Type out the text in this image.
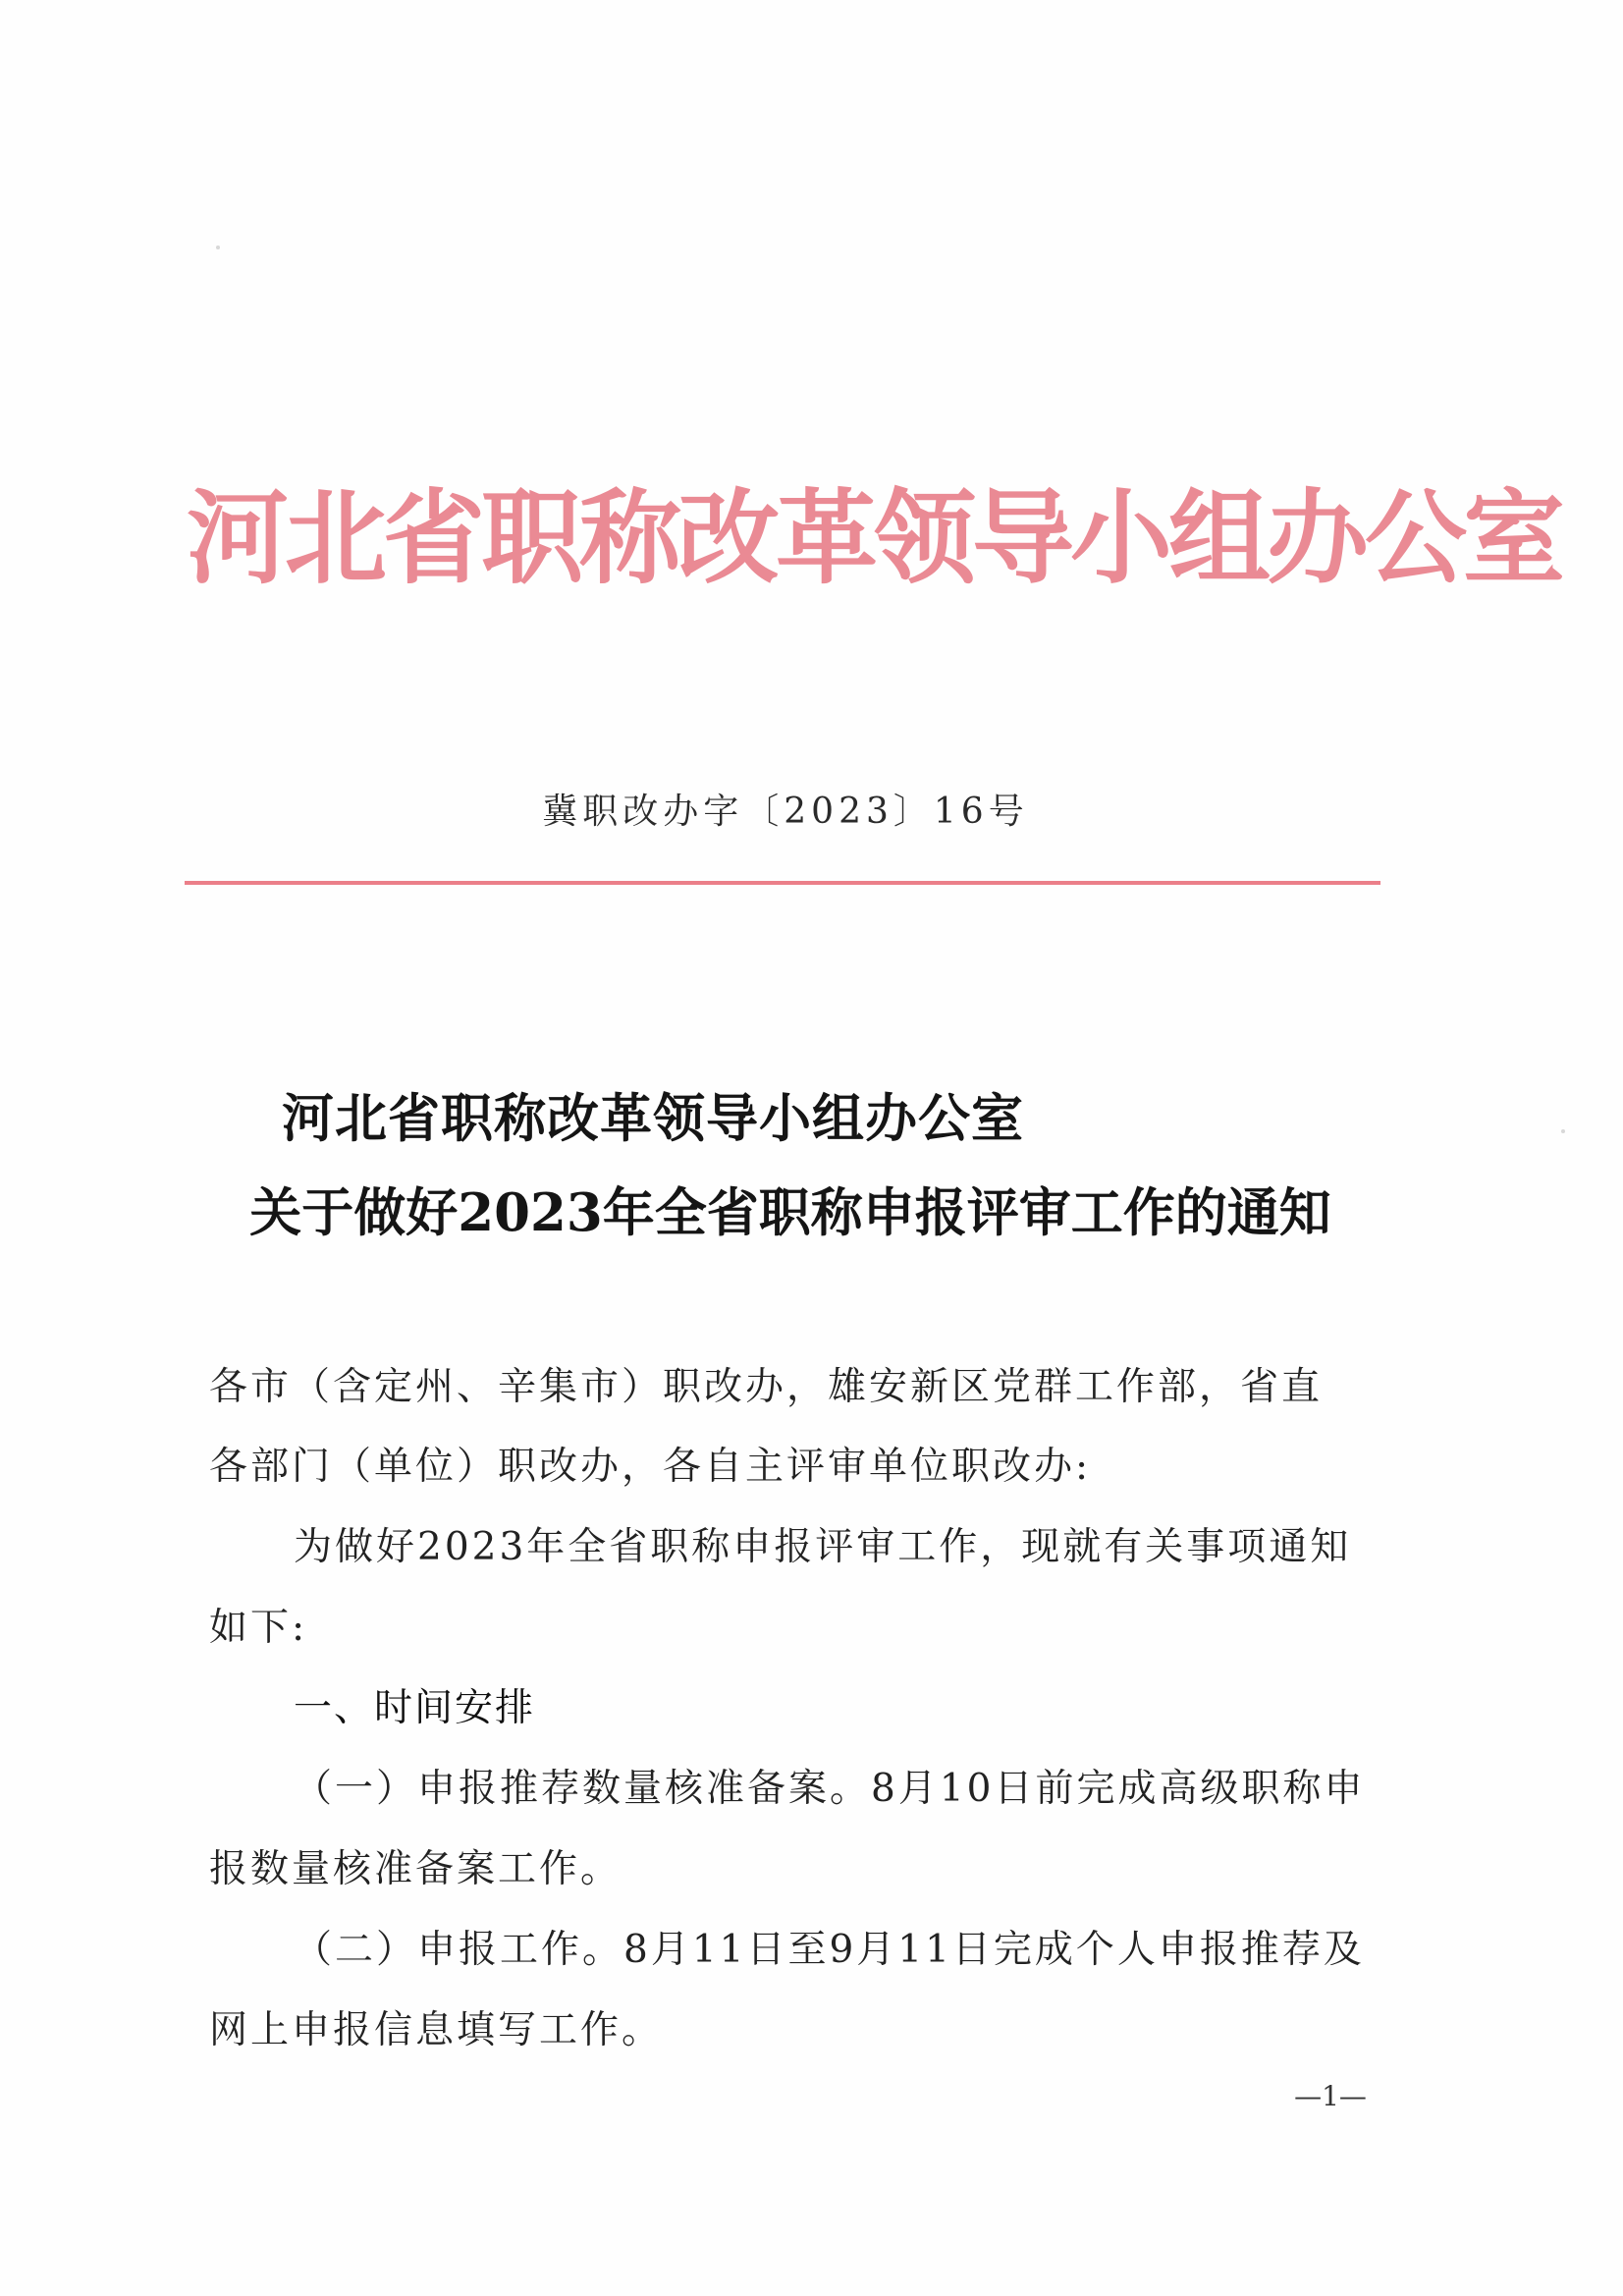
河北省职称改革领导小组办公室
冀职改办字〔2023〕16号
河北省职称改革领导小组办公室
关于做好2023年全省职称申报评审工作的通知
各市（含定州、辛集市）职改办，雄安新区党群工作部，省直
各部门（单位）职改办，各自主评审单位职改办:
为做好2023年全省职称申报评审工作，现就有关事项通知
如下:
一、时间安排
（一）申报推荐数量核准备案。8月10日前完成高级职称申
报数量核准备案工作。
（二）申报工作。8月11日至9月11日完成个人申报推荐及
网上申报信息填写工作。
—1—
